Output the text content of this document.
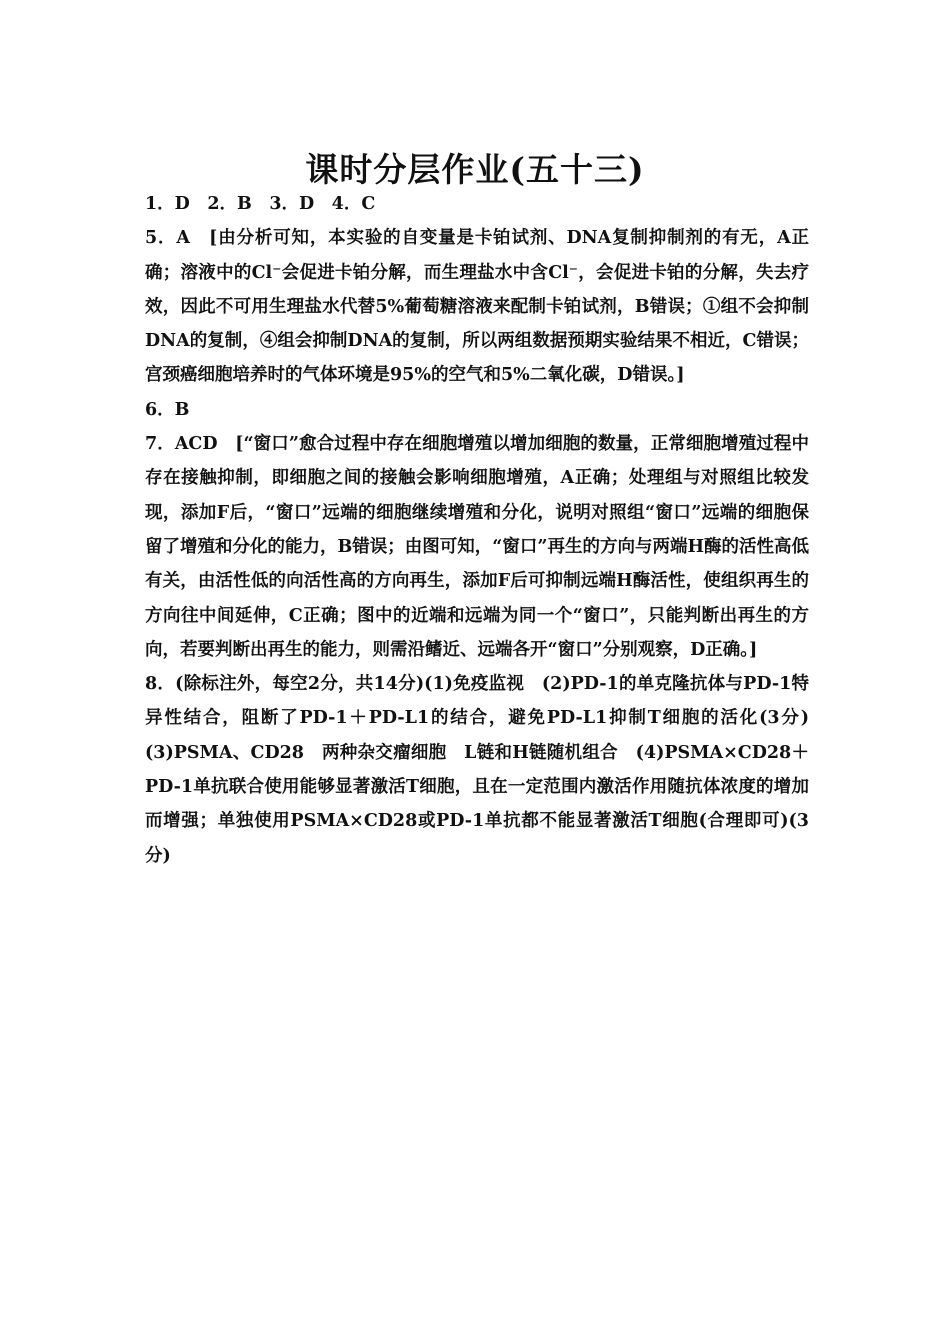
课时分层作业(五十三)

1．D　2．B　3．D　4．C

5．A　[由分析可知，本实验的自变量是卡铂试剂、DNA复制抑制剂的有无，A正确；溶液中的Cl⁻会促进卡铂分解，而生理盐水中含Cl⁻，会促进卡铂的分解，失去疗效，因此不可用生理盐水代替5%葡萄糖溶液来配制卡铂试剂，B错误；①组不会抑制DNA的复制，④组会抑制DNA的复制，所以两组数据预期实验结果不相近，C错误；宫颈癌细胞培养时的气体环境是95%的空气和5%二氧化碳，D错误。]

6．B

7．ACD　[“窗口”愈合过程中存在细胞增殖以增加细胞的数量，正常细胞增殖过程中存在接触抑制，即细胞之间的接触会影响细胞增殖，A正确；处理组与对照组比较发现，添加F后，“窗口”远端的细胞继续增殖和分化，说明对照组“窗口”远端的细胞保留了增殖和分化的能力，B错误；由图可知，“窗口”再生的方向与两端H酶的活性高低有关，由活性低的向活性高的方向再生，添加F后可抑制远端H酶活性，使组织再生的方向往中间延伸，C正确；图中的近端和远端为同一个“窗口”，只能判断出再生的方向，若要判断出再生的能力，则需沿鳍近、远端各开“窗口”分别观察，D正确。]

8．(除标注外，每空2分，共14分)(1)免疫监视　(2)PD-1的单克隆抗体与PD-1特异性结合，阻断了PD-1＋PD-L1的结合，避免PD-L1抑制T细胞的活化(3分)　(3)PSMA、CD28　两种杂交瘤细胞　L链和H链随机组合　(4)PSMA×CD28＋PD-1单抗联合使用能够显著激活T细胞，且在一定范围内激活作用随抗体浓度的增加而增强；单独使用PSMA×CD28或PD-1单抗都不能显著激活T细胞(合理即可)(3分)
